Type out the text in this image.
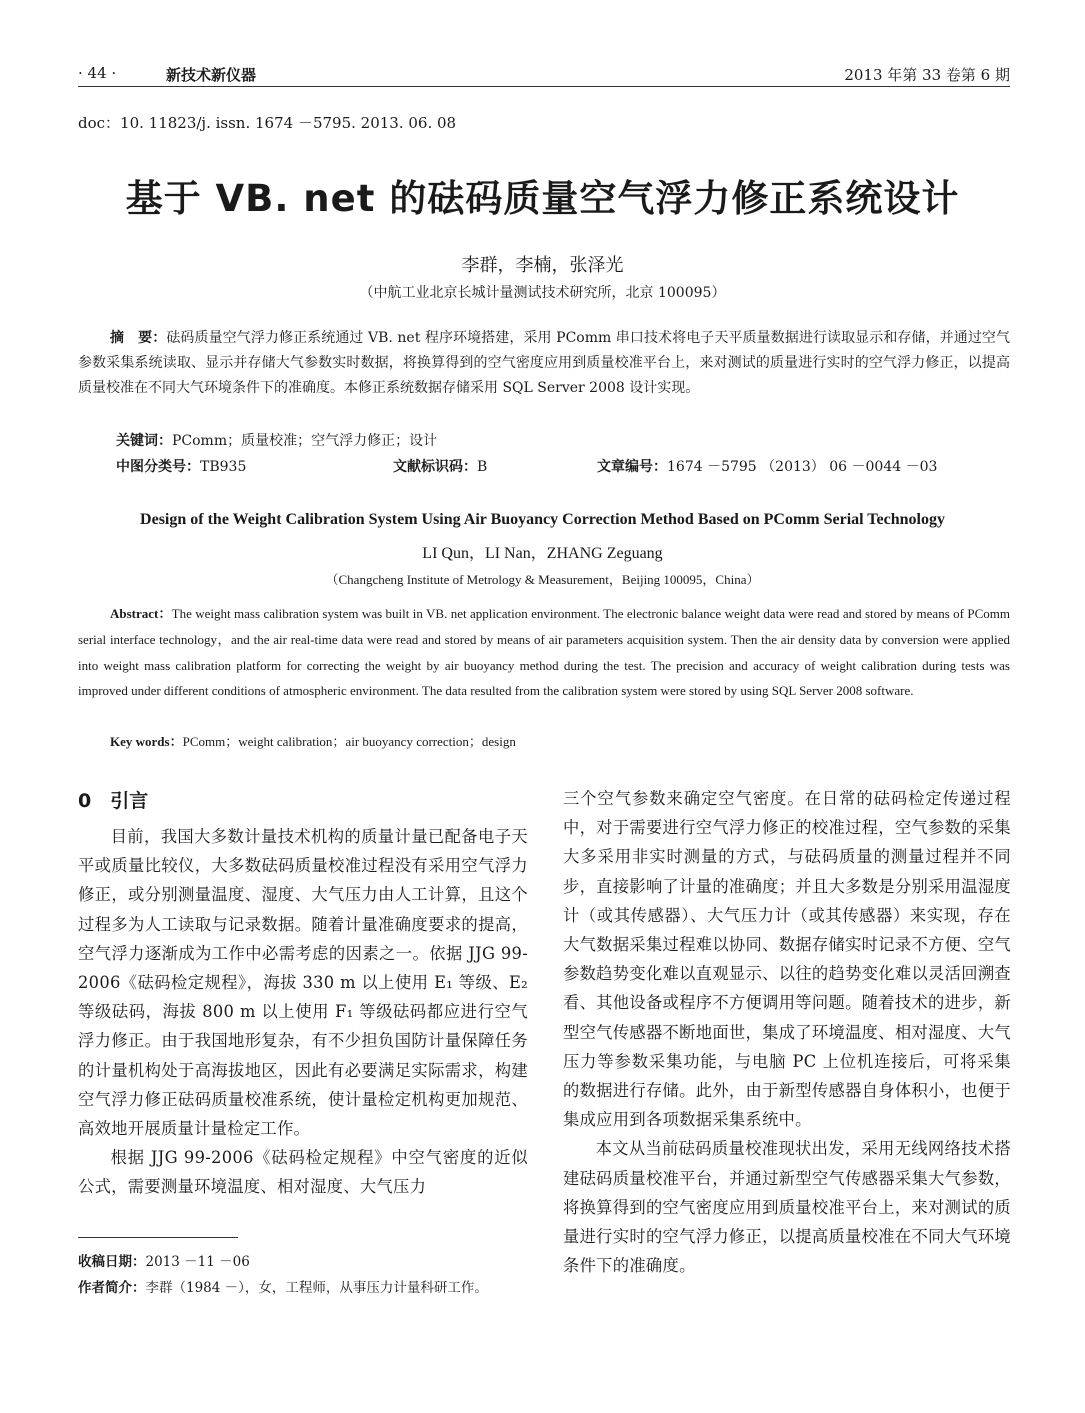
· 44 ·	新技术新仪器	2013 年第 33 卷第 6 期
doc：10. 11823/j. issn. 1674 －5795. 2013. 06. 08
基于 VB. net 的砝码质量空气浮力修正系统设计
李群，李楠，张泽光
（中航工业北京长城计量测试技术研究所，北京 100095）
摘　要：砝码质量空气浮力修正系统通过 VB. net 程序环境搭建，采用 PComm 串口技术将电子天平质量数据进行读取显示和存储，并通过空气参数采集系统读取、显示并存储大气参数实时数据，将换算得到的空气密度应用到质量校准平台上，来对测试的质量进行实时的空气浮力修正，以提高质量校准在不同大气环境条件下的准确度。本修正系统数据存储采用 SQL Server 2008 设计实现。
关键词：PComm；质量校准；空气浮力修正；设计
中图分类号：TB935	文献标识码：B	文章编号：1674 －5795 （2013） 06 －0044 －03
Design of the Weight Calibration System Using Air Buoyancy Correction Method Based on PComm Serial Technology
LI Qun，LI Nan，ZHANG Zeguang
（Changcheng Institute of Metrology & Measurement，Beijing 100095，China）
Abstract：The weight mass calibration system was built in VB. net application environment. The electronic balance weight data were read and stored by means of PComm serial interface technology，and the air real-time data were read and stored by means of air parameters acquisition system. Then the air density data by conversion were applied into weight mass calibration platform for correcting the weight by air buoyancy method during the test. The precision and accuracy of weight calibration during tests was improved under different conditions of atmospheric environment. The data resulted from the calibration system were stored by using SQL Server 2008 software.
Key words：PComm；weight calibration；air buoyancy correction；design
0　引言

目前，我国大多数计量技术机构的质量计量已配备电子天平或质量比较仪，大多数砝码质量校准过程没有采用空气浮力修正，或分别测量温度、湿度、大气压力由人工计算，且这个过程多为人工读取与记录数据。随着计量准确度要求的提高，空气浮力逐渐成为工作中必需考虑的因素之一。依据 JJG 99-2006《砝码检定规程》，海拔 330 m 以上使用 E₁ 等级、E₂ 等级砝码，海拔 800 m 以上使用 F₁ 等级砝码都应进行空气浮力修正。由于我国地形复杂，有不少担负国防计量保障任务的计量机构处于高海拔地区，因此有必要满足实际需求，构建空气浮力修正砝码质量校准系统，使计量检定机构更加规范、高效地开展质量计量检定工作。

根据 JJG 99-2006《砝码检定规程》中空气密度的近似公式，需要测量环境温度、相对湿度、大气压力

三个空气参数来确定空气密度。在日常的砝码检定传递过程中，对于需要进行空气浮力修正的校准过程，空气参数的采集大多采用非实时测量的方式，与砝码质量的测量过程并不同步，直接影响了计量的准确度；并且大多数是分别采用温湿度计（或其传感器）、大气压力计（或其传感器）来实现，存在大气数据采集过程难以协同、数据存储实时记录不方便、空气参数趋势变化难以直观显示、以往的趋势变化难以灵活回溯查看、其他设备或程序不方便调用等问题。随着技术的进步，新型空气传感器不断地面世，集成了环境温度、相对湿度、大气压力等参数采集功能，与电脑 PC 上位机连接后，可将采集的数据进行存储。此外，由于新型传感器自身体积小，也便于集成应用到各项数据采集系统中。

本文从当前砝码质量校准现状出发，采用无线网络技术搭建砝码质量校准平台，并通过新型空气传感器采集大气参数，将换算得到的空气密度应用到质量校准平台上，来对测试的质量进行实时的空气浮力修正，以提高质量校准在不同大气环境条件下的准确度。

收稿日期：2013 －11 －06
作者简介：李群（1984 －），女，工程师，从事压力计量科研工作。
